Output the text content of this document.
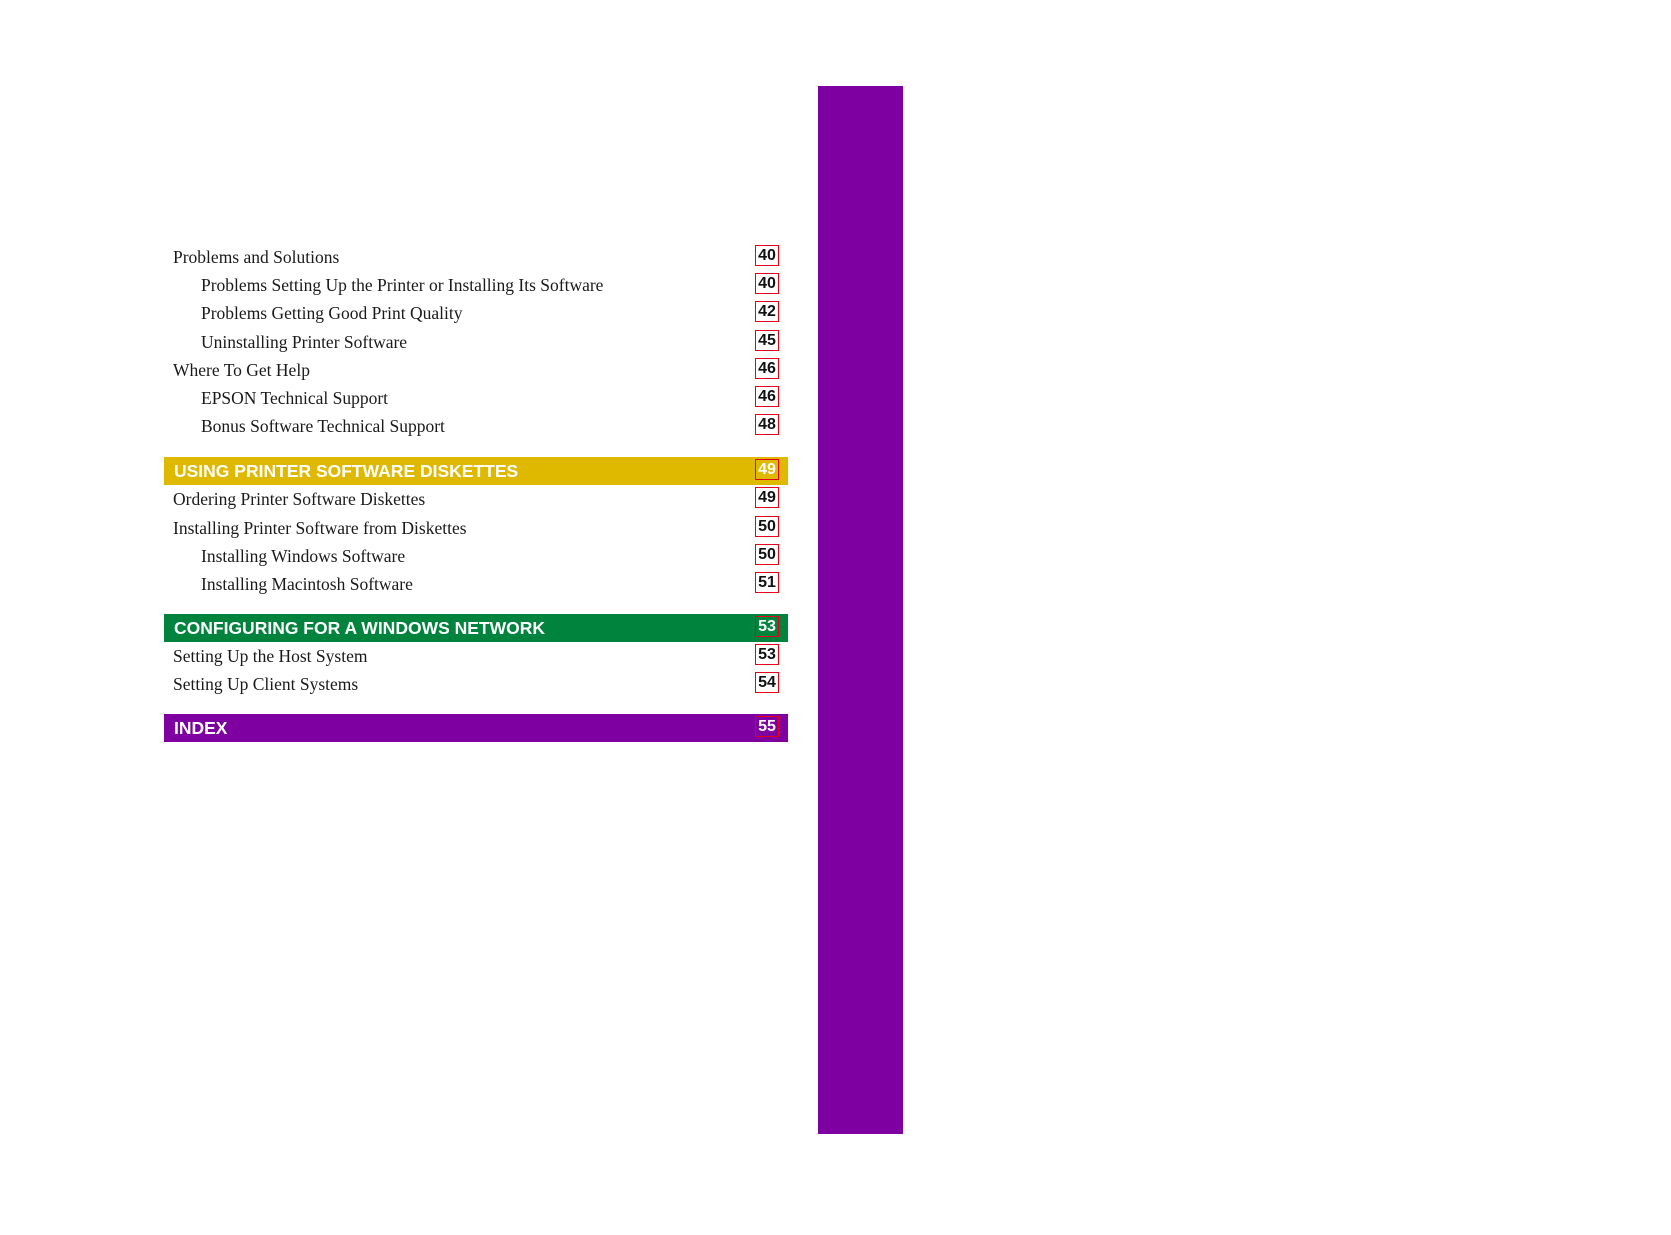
iii
Problems and Solutions	40
Problems Setting Up the Printer or Installing Its Software	40
Problems Getting Good Print Quality	42
Uninstalling Printer Software	45
Where To Get Help	46
EPSON Technical Support	46
Bonus Software Technical Support	48
USING PRINTER SOFTWARE DISKETTES	49
Ordering Printer Software Diskettes	49
Installing Printer Software from Diskettes	50
Installing Windows Software	50
Installing Macintosh Software	51
CONFIGURING FOR A WINDOWS NETWORK	53
Setting Up the Host System	53
Setting Up Client Systems	54
INDEX	55
